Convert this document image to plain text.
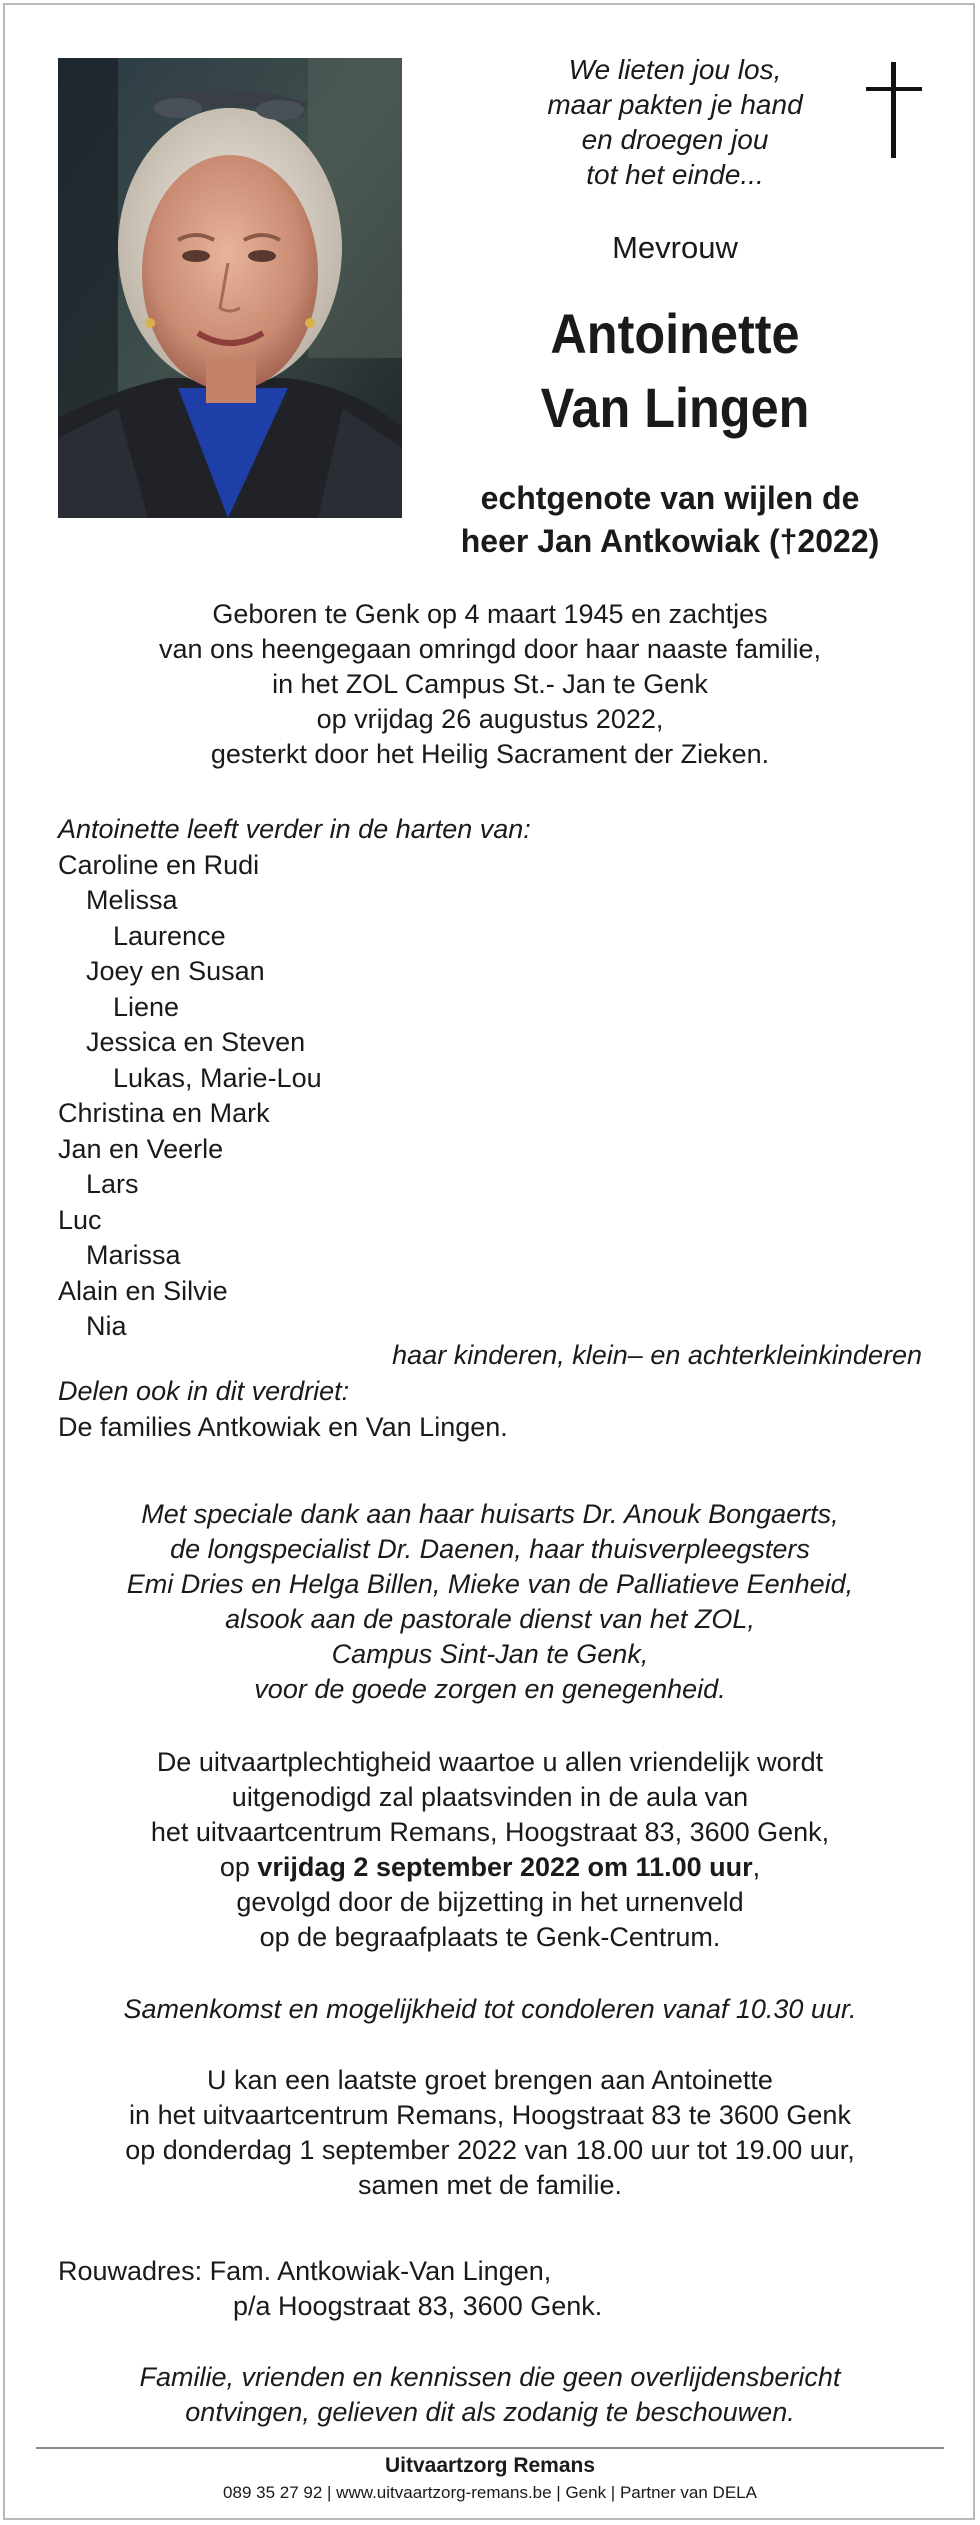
We lieten jou los,
maar pakten je hand
en droegen jou
tot het einde...
Mevrouw
Antoinette
Van Lingen
echtgenote van wijlen de
heer Jan Antkowiak (†2022)
Geboren te Genk op 4 maart 1945 en zachtjes
van ons heengegaan omringd door haar naaste familie,
in het ZOL Campus St.- Jan te Genk
op vrijdag 26 augustus 2022,
gesterkt door het Heilig Sacrament der Zieken.
Antoinette leeft verder in de harten van:
Caroline en Rudi
Melissa
Laurence
Joey en Susan
Liene
Jessica en Steven
Lukas, Marie-Lou
Christina en Mark
Jan en Veerle
Lars
Luc
Marissa
Alain en Silvie
Nia
haar kinderen, klein– en achterkleinkinderen
Delen ook in dit verdriet:
De families Antkowiak en Van Lingen.
Met speciale dank aan haar huisarts Dr. Anouk Bongaerts,
de longspecialist Dr. Daenen, haar thuisverpleegsters
Emi Dries en Helga Billen, Mieke van de Palliatieve Eenheid,
alsook aan de pastorale dienst van het ZOL,
Campus Sint-Jan te Genk,
voor de goede zorgen en genegenheid.
De uitvaartplechtigheid waartoe u allen vriendelijk wordt
uitgenodigd zal plaatsvinden in de aula van
het uitvaartcentrum Remans, Hoogstraat 83, 3600 Genk,
op vrijdag 2 september 2022 om 11.00 uur,
gevolgd door de bijzetting in het urnenveld
op de begraafplaats te Genk-Centrum.
Samenkomst en mogelijkheid tot condoleren vanaf 10.30 uur.
U kan een laatste groet brengen aan Antoinette
in het uitvaartcentrum Remans, Hoogstraat 83 te 3600 Genk
op donderdag 1 september 2022 van 18.00 uur tot 19.00 uur,
samen met de familie.
Rouwadres: Fam. Antkowiak-Van Lingen,
p/a Hoogstraat 83, 3600 Genk.
Familie, vrienden en kennissen die geen overlijdensbericht
ontvingen, gelieven dit als zodanig te beschouwen.
Uitvaartzorg Remans
089 35 27 92 | www.uitvaartzorg-remans.be | Genk | Partner van DELA
